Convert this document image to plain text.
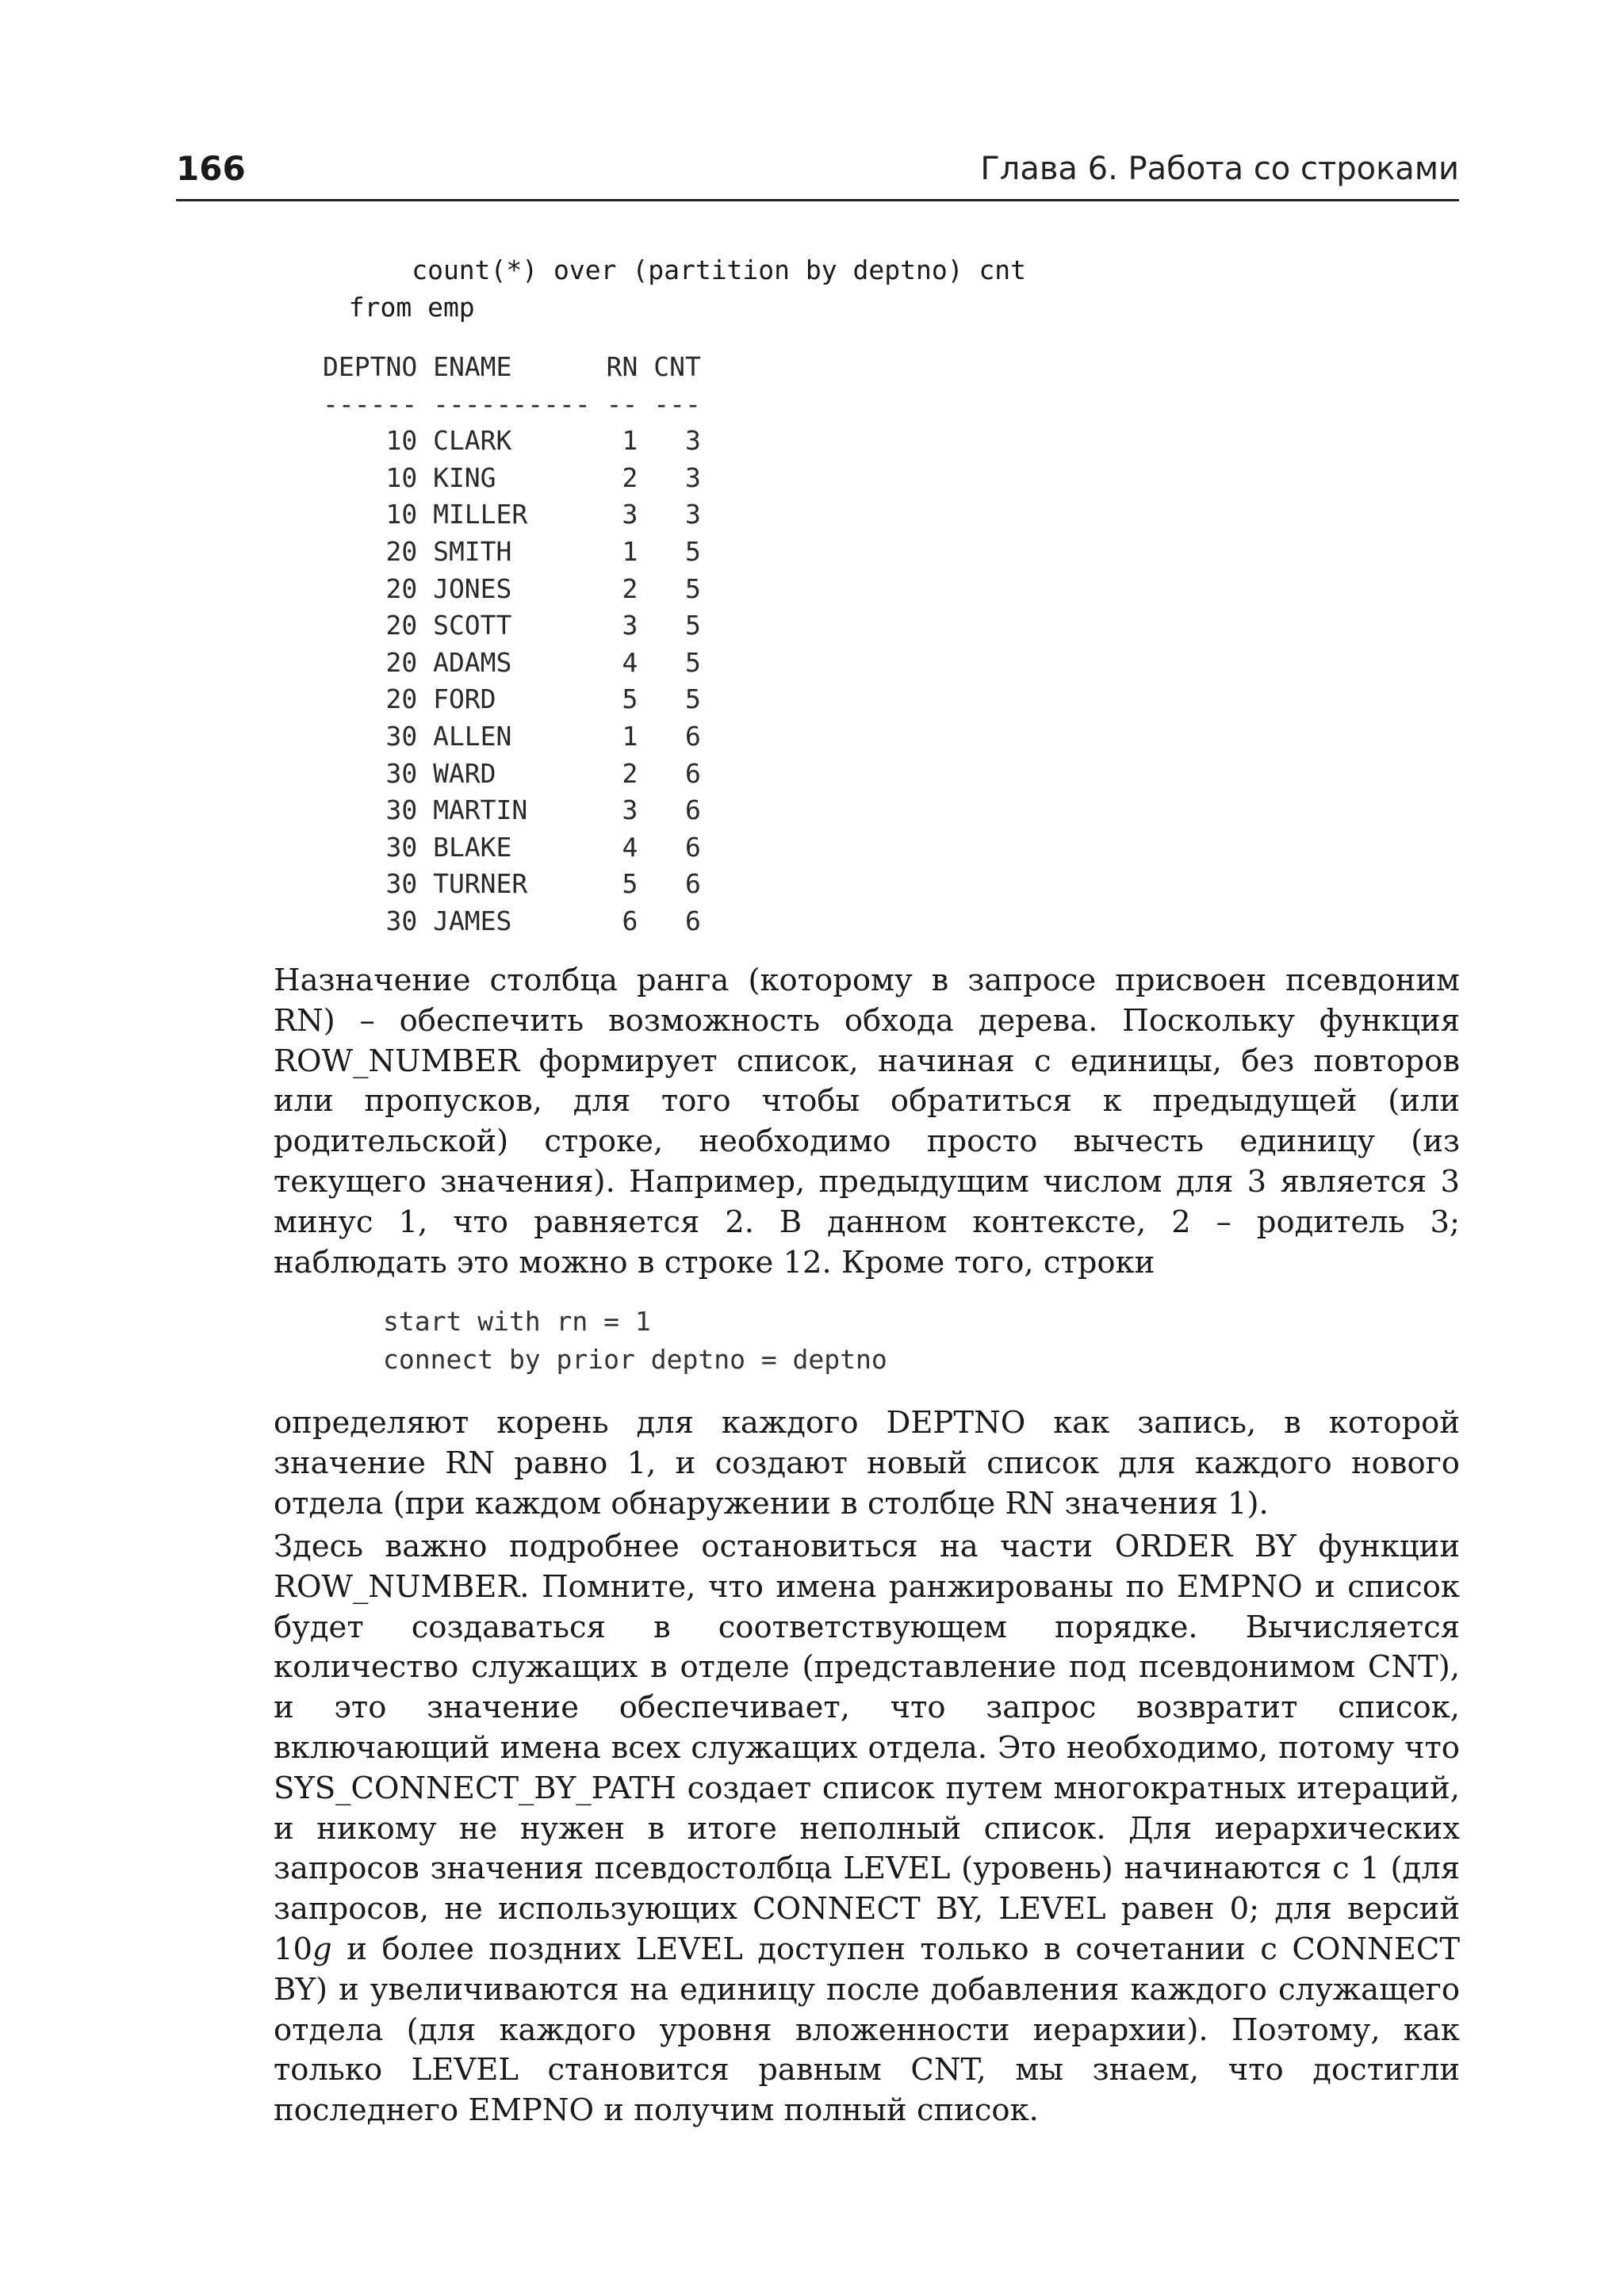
166	Глава 6. Работа со строками
count(*) over (partition by deptno) cnt
from emp
DEPTNO ENAME      RN CNT
------ ---------- -- ---
10 CLARK       1   3
10 KING        2   3
10 MILLER      3   3
20 SMITH       1   5
20 JONES       2   5
20 SCOTT       3   5
20 ADAMS       4   5
20 FORD        5   5
30 ALLEN       1   6
30 WARD        2   6
30 MARTIN      3   6
30 BLAKE       4   6
30 TURNER      5   6
30 JAMES       6   6

Назначение столбца ранга (которому в запросе присвоен псевдоним RN) – обеспечить возможность обхода дерева. Поскольку функция ROW_NUMBER формирует список, начиная с единицы, без повторов или пропусков, для того чтобы обратиться к предыдущей (или родительской) строке, необходимо просто вычесть единицу (из текущего значения). Например, предыдущим числом для 3 является 3 минус 1, что равняется 2. В данном контексте, 2 – родитель 3; наблюдать это можно в строке 12. Кроме того, строки

start with rn = 1
connect by prior deptno = deptno

определяют корень для каждого DEPTNO как запись, в которой значение RN равно 1, и создают новый список для каждого нового отдела (при каждом обнаружении в столбце RN значения 1).

Здесь важно подробнее остановиться на части ORDER BY функции ROW_NUMBER. Помните, что имена ранжированы по EMPNO и список будет создаваться в соответствующем порядке. Вычисляется количество служащих в отделе (представление под псевдонимом CNT), и это значение обеспечивает, что запрос возвратит список, включающий имена всех служащих отдела. Это необходимо, потому что SYS_CONNECT_BY_PATH создает список путем многократных итераций, и никому не нужен в итоге неполный список. Для иерархических запросов значения псевдостолбца LEVEL (уровень) начинаются с 1 (для запросов, не использующих CONNECT BY, LEVEL равен 0; для версий 10g и более поздних LEVEL доступен только в сочетании с CONNECT BY) и увеличиваются на единицу после добавления каждого служащего отдела (для каждого уровня вложенности иерархии). Поэтому, как только LEVEL становится равным CNT, мы знаем, что достигли последнего EMPNO и получим полный список.
